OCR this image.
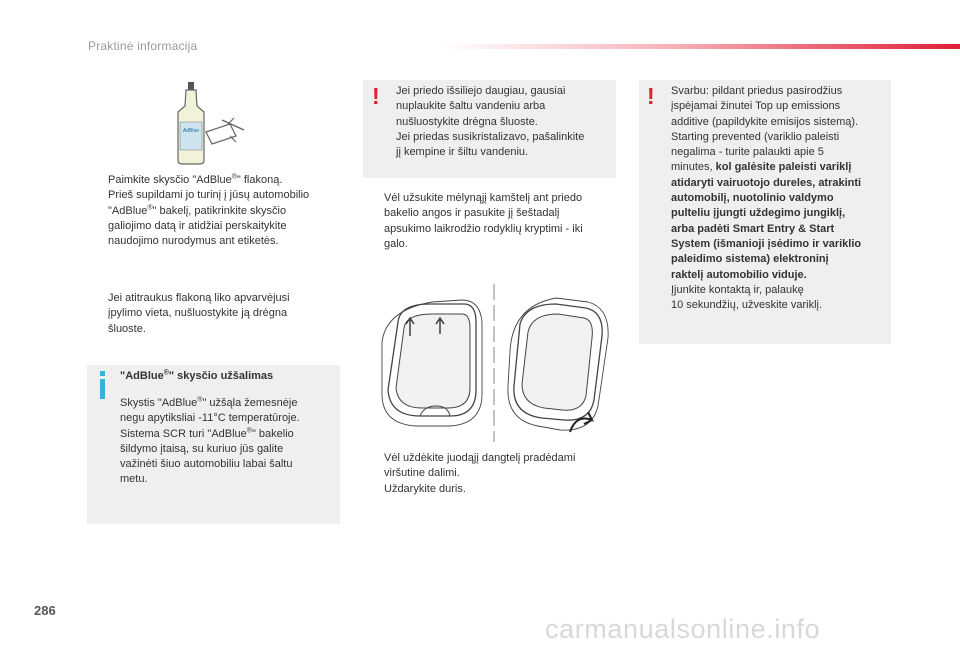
Praktinė informacija
AdBlue
Paimkite skysčio "AdBlue®" flakoną.
Prieš supildami jo turinį į jūsų automobilio
"AdBlue®" bakelį, patikrinkite skysčio
galiojimo datą ir atidžiai perskaitykite
naudojimo nurodymus ant etiketės.
Jei atitraukus flakoną liko apvarvėjusi
įpylimo vieta, nušluostykite ją drėgna
šluoste.
"AdBlue®" skysčio užšalimas
Skystis "AdBlue®" užšąla žemesnėje
negu apytiksliai -11°C temperatūroje.
Sistema SCR turi "AdBlue®" bakelio
šildymo įtaisą, su kuriuo jūs galite
važinėti šiuo automobiliu labai šaltu
metu.
! Jei priedo išsiliejo daugiau, gausiai
nuplaukite šaltu vandeniu arba
nušluostykite drėgna šluoste.
Jei priedas susikristalizavo, pašalinkite
jį kempine ir šiltu vandeniu.
Vėl užsukite mėlynąjį kamštelį ant priedo
bakelio angos ir pasukite jį šeštadalį
apsukimo laikrodžio rodyklių kryptimi - iki
galo.
Vėl uždėkite juodąjį dangtelį pradėdami
viršutine dalimi.
Uždarykite duris.
! Svarbu: pildant priedus pasirodžius
įspėjamai žinutei Top up emissions
additive (papildykite emisijos sistemą).
Starting prevented (variklio paleisti
negalima - turite palaukti apie 5
minutes, kol galėsite paleisti variklį
atidaryti vairuotojo dureles, atrakinti
automobilį, nuotolinio valdymo
pulteliu įjungti uždegimo jungiklį,
arba padėti Smart Entry & Start
System (išmanioji įsėdimo ir variklio
paleidimo sistema) elektroninį
raktelį automobilio viduje.
Įjunkite kontaktą ir, palaukę
10 sekundžių, užveskite variklį.
286
carmanualsonline.info
